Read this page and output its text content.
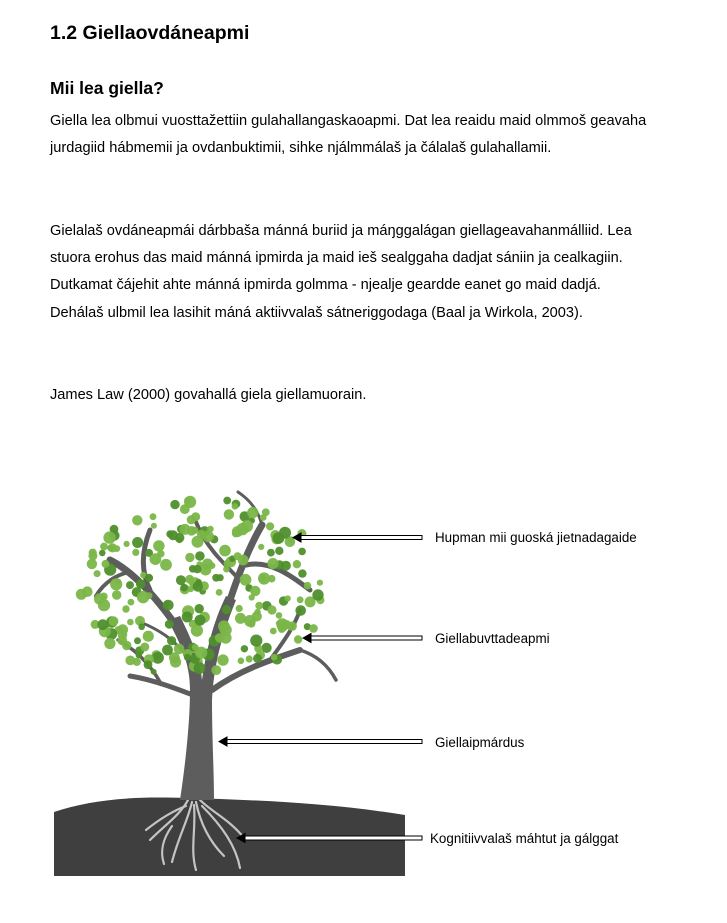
1.2 Giellaovdáneapmi
Mii lea giella?

Giella lea olbmui vuosttažettiin gulahallangaskaoapmi. Dat lea reaidu maid olmmoš geavaha jurdagiid hábmemii ja ovdanbuktimii, sihke njálmmálaš ja čálalaš gulahallamii.

Gielalaš ovdáneapmái dárbbaša mánná buriid ja máŋggalágan giellageavahanmálliid. Lea stuora erohus das maid mánná ipmirda ja maid ieš sealggaha dadjat sániin ja cealkagiin. Dutkamat čájehit ahte mánná ipmirda golmma - njealje geardde eanet go maid dadjá. Dehálaš ulbmil lea lasihit máná aktiivvalaš sátneriggodaga (Baal ja Wirkola, 2003).

James Law (2000) govahallá giela giellamuorain.

Hupman mii guoská jietnadagaide
Giellabuvttadeapmi
Giellaipmárdus
Kognitiivvalaš máhtut ja gálggat
